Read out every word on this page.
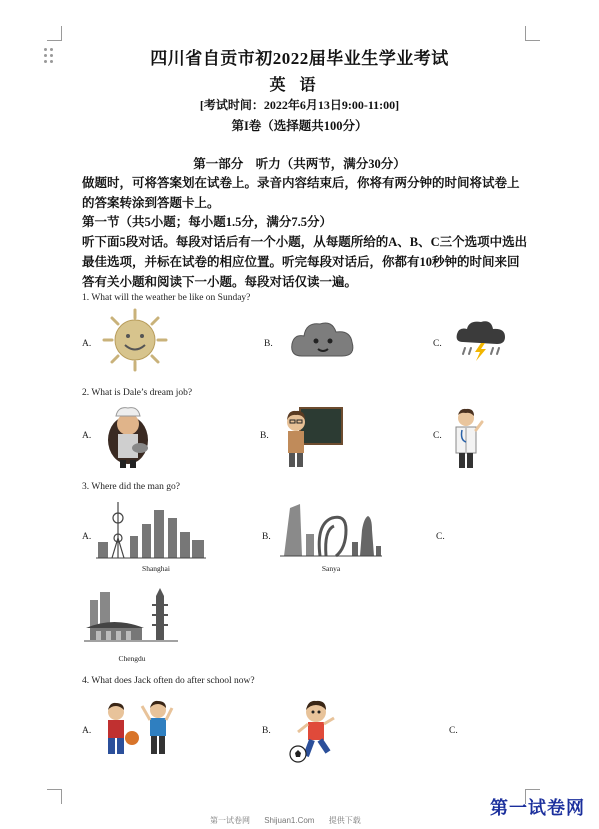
四川省自贡市初2022届毕业生学业考试
英语
[考试时间：2022年6月13日9:00-11:00]
第I卷（选择题共100分）
第一部分　听力（共两节，满分30分）
做题时，可将答案划在试卷上。录音内容结束后，你将有两分钟的时间将试卷上的答案转涂到答题卡上。
第一节（共5小题；每小题1.5分，满分7.5分）
听下面5段对话。每段对话后有一个小题，从每题所给的A、B、C三个选项中选出最佳选项，并标在试卷的相应位置。听完每段对话后，你都有10秒钟的时间来回答有关小题和阅读下一小题。每段对话仅读一遍。
1. What will the weather be like on Sunday?
A.	B.	C.
2. What is Dale’s dream job?
A.	B.	C.
3. Where did the man go?
A.	B.	C.
Shanghai	Sanya
Chengdu
4. What does Jack often do after school now?
A.	B.	C.
第一试卷网 Shijuan1.Com 提供下载
第一试卷网
